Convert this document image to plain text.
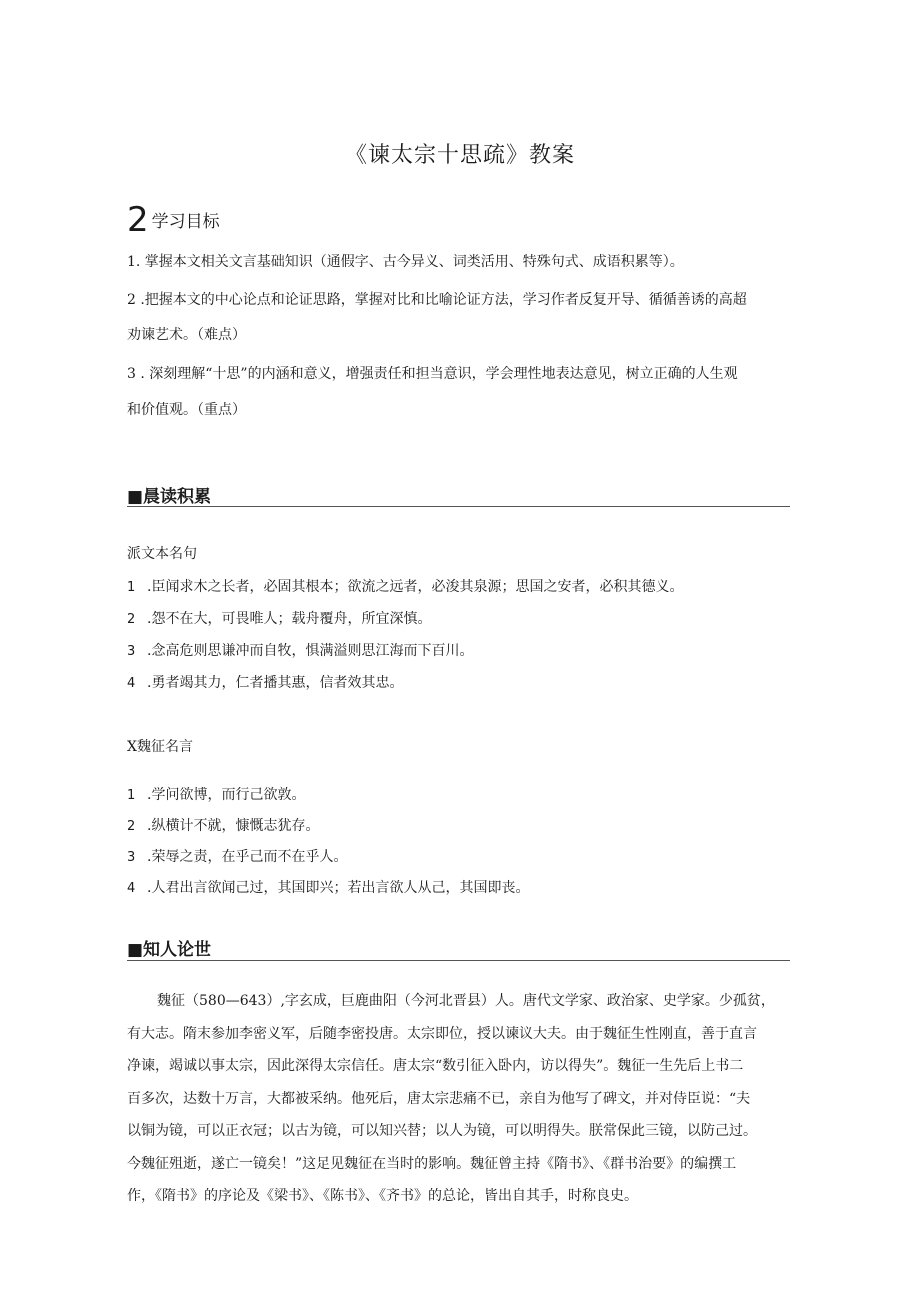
《谏太宗十思疏》教案
2 学习目标
1. 掌握本文相关文言基础知识（通假字、古今异义、词类活用、特殊句式、成语积累等）。
2 .把握本文的中心论点和论证思路，掌握对比和比喻论证方法，学习作者反复开导、循循善诱的高超
劝谏艺术。（难点）
3 . 深刻理解“十思”的内涵和意义，增强责任和担当意识，学会理性地表达意见，树立正确的人生观
和价值观。（重点）
■晨读积累
派文本名句
1 .臣闻求木之长者，必固其根本；欲流之远者，必浚其泉源；思国之安者，必积其德义。
2 .怨不在大，可畏唯人；载舟覆舟，所宜深慎。
3 .念高危则思谦冲而自牧，惧满溢则思江海而下百川。
4 .勇者竭其力，仁者播其惠，信者效其忠。
X魏征名言
1 .学问欲博，而行己欲敦。
2 .纵横计不就，慷慨志犹存。
3 .荣辱之责，在乎己而不在乎人。
4 .人君出言欲闻己过，其国即兴；若出言欲人从己，其国即丧。
■知人论世
魏征（580—643）,字玄成，巨鹿曲阳（今河北晋县）人。唐代文学家、政治家、史学家。少孤贫，
有大志。隋末参加李密义军，后随李密投唐。太宗即位，授以谏议大夫。由于魏征生性刚直，善于直言
净谏，竭诚以事太宗，因此深得太宗信任。唐太宗“数引征入卧内，访以得失”。魏征一生先后上书二
百多次，达数十万言，大都被采纳。他死后，唐太宗悲痛不已，亲自为他写了碑文，并对侍臣说：“夫
以铜为镜，可以正衣冠；以古为镜，可以知兴替；以人为镜，可以明得失。朕常保此三镜，以防己过。
今魏征殂逝，遂亡一镜矣！”这足见魏征在当时的影响。魏征曾主持《隋书》、《群书治要》的编撰工
作，《隋书》的序论及《梁书》、《陈书》、《齐书》的总论，皆出自其手，时称良史。
